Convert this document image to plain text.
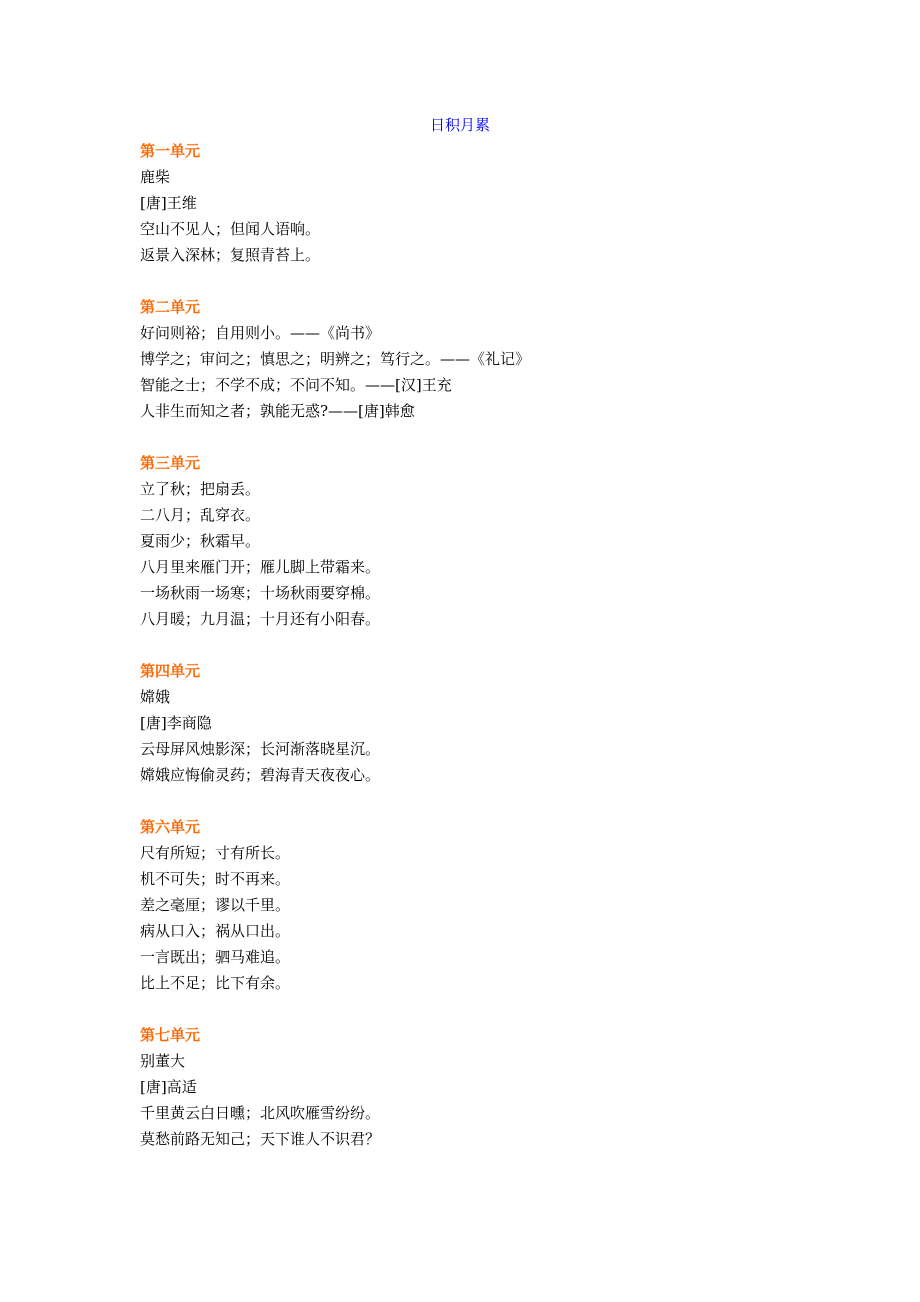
日积月累
第一单元
鹿柴
[唐]王维
空山不见人；但闻人语响。
返景入深林；复照青苔上。
第二单元
好问则裕；自用则小。——《尚书》
博学之；审问之；慎思之；明辨之；笃行之。——《礼记》
智能之士；不学不成；不问不知。——[汉]王充
人非生而知之者；孰能无惑?——[唐]韩愈
第三单元
立了秋；把扇丢。
二八月；乱穿衣。
夏雨少；秋霜早。
八月里来雁门开；雁儿脚上带霜来。
一场秋雨一场寒；十场秋雨要穿棉。
八月暖；九月温；十月还有小阳春。
第四单元
嫦娥
[唐]李商隐
云母屏风烛影深；长河渐落晓星沉。
嫦娥应悔偷灵药；碧海青天夜夜心。
第六单元
尺有所短；寸有所长。
机不可失；时不再来。
差之毫厘；谬以千里。
病从口入；祸从口出。
一言既出；驷马难追。
比上不足；比下有余。
第七单元
别董大
[唐]高适
千里黄云白日曛；北风吹雁雪纷纷。
莫愁前路无知己；天下谁人不识君？
